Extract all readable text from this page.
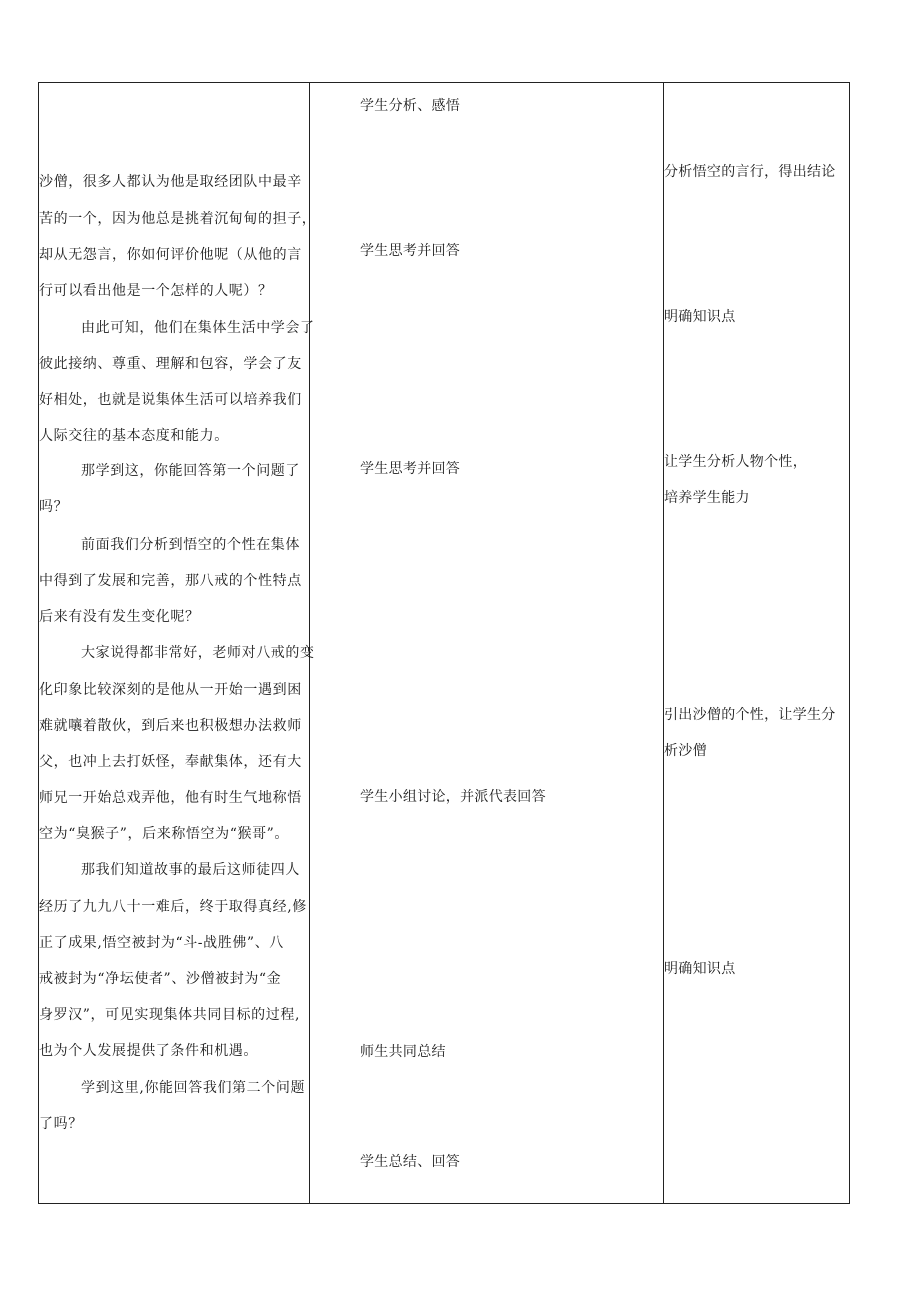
沙僧，很多人都认为他是取经团队中最辛
苦的一个，因为他总是挑着沉甸甸的担子，
却从无怨言，你如何评价他呢（从他的言
行可以看出他是一个怎样的人呢）？
由此可知，他们在集体生活中学会了
彼此接纳、尊重、理解和包容，学会了友
好相处，也就是说集体生活可以培养我们
人际交往的基本态度和能力。
那学到这，你能回答第一个问题了
吗？
前面我们分析到悟空的个性在集体
中得到了发展和完善，那八戒的个性特点
后来有没有发生变化呢？
大家说得都非常好，老师对八戒的变
化印象比较深刻的是他从一开始一遇到困
难就嚷着散伙，到后来也积极想办法救师
父，也冲上去打妖怪，奉献集体，还有大
师兄一开始总戏弄他，他有时生气地称悟
空为“臭猴子”，后来称悟空为“猴哥”。
那我们知道故事的最后这师徒四人
经历了九九八十一难后，终于取得真经,修
正了成果,悟空被封为“斗-战胜佛”、八
戒被封为“净坛使者”、沙僧被封为“金
身罗汉”，可见实现集体共同目标的过程,
也为个人发展提供了条件和机遇。
学到这里,你能回答我们第二个问题
了吗？
学生分析、感悟
学生思考并回答
学生思考并回答
学生小组讨论，并派代表回答
师生共同总结
学生总结、回答
分析悟空的言行，得出结论
明确知识点
让学生分析人物个性，
培养学生能力
引出沙僧的个性，让学生分
析沙僧
明确知识点
